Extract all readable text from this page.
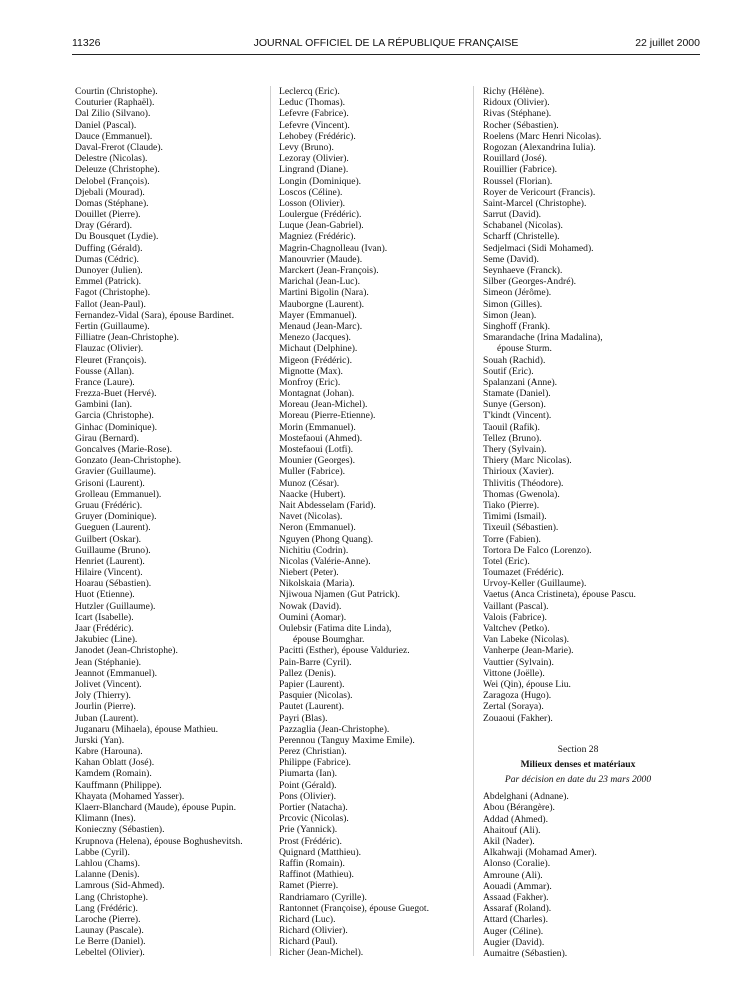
11326	JOURNAL OFFICIEL DE LA RÉPUBLIQUE FRANÇAISE	22 juillet 2000
Courtin (Christophe).
Couturier (Raphaël).
Dal Zilio (Silvano).
Daniel (Pascal).
Dauce (Emmanuel).
Daval-Frerot (Claude).
Delestre (Nicolas).
Deleuze (Christophe).
Delobel (François).
Djebali (Mourad).
Domas (Stéphane).
Douillet (Pierre).
Dray (Gérard).
Du Bousquet (Lydie).
Duffing (Gérald).
Dumas (Cédric).
Dunoyer (Julien).
Emmel (Patrick).
Fagot (Christophe).
Fallot (Jean-Paul).
Fernandez-Vidal (Sara), épouse Bardinet.
Fertin (Guillaume).
Filliatre (Jean-Christophe).
Flauzac (Olivier).
Fleuret (François).
Fousse (Allan).
France (Laure).
Frezza-Buet (Hervé).
Gambini (Ian).
Garcia (Christophe).
Ginhac (Dominique).
Girau (Bernard).
Goncalves (Marie-Rose).
Gonzato (Jean-Christophe).
Gravier (Guillaume).
Grisoni (Laurent).
Grolleau (Emmanuel).
Gruau (Frédéric).
Gruyer (Dominique).
Gueguen (Laurent).
Guilbert (Oskar).
Guillaume (Bruno).
Henriet (Laurent).
Hilaire (Vincent).
Hoarau (Sébastien).
Huot (Etienne).
Hutzler (Guillaume).
Icart (Isabelle).
Jaar (Frédéric).
Jakubiec (Line).
Janodet (Jean-Christophe).
Jean (Stéphanie).
Jeannot (Emmanuel).
Jolivet (Vincent).
Joly (Thierry).
Jourlin (Pierre).
Juban (Laurent).
Juganaru (Mihaela), épouse Mathieu.
Jurski (Yan).
Kabre (Harouna).
Kahan Oblatt (José).
Kamdem (Romain).
Kauffmann (Philippe).
Khayata (Mohamed Yasser).
Klaerr-Blanchard (Maude), épouse Pupin.
Klimann (Ines).
Konieczny (Sébastien).
Krupnova (Helena), épouse Boghushevitsh.
Labbe (Cyril).
Lahlou (Chams).
Lalanne (Denis).
Lamrous (Sid-Ahmed).
Lang (Christophe).
Lang (Frédéric).
Laroche (Pierre).
Launay (Pascale).
Le Berre (Daniel).
Lebeltel (Olivier).
Leclercq (Eric).
Leduc (Thomas).
Lefevre (Fabrice).
Lefevre (Vincent).
Lehobey (Frédéric).
Levy (Bruno).
Lezoray (Olivier).
Lingrand (Diane).
Longin (Dominique).
Loscos (Céline).
Losson (Olivier).
Loulergue (Frédéric).
Luque (Jean-Gabriel).
Magniez (Frédéric).
Magrin-Chagnolleau (Ivan).
Manouvrier (Maude).
Marckert (Jean-François).
Marichal (Jean-Luc).
Martini Bigolin (Nara).
Mauborgne (Laurent).
Mayer (Emmanuel).
Menaud (Jean-Marc).
Menezo (Jacques).
Michaut (Delphine).
Migeon (Frédéric).
Mignotte (Max).
Monfroy (Eric).
Montagnat (Johan).
Moreau (Jean-Michel).
Moreau (Pierre-Etienne).
Morin (Emmanuel).
Mostefaoui (Ahmed).
Mostefaoui (Lotfi).
Mounier (Georges).
Muller (Fabrice).
Munoz (César).
Naacke (Hubert).
Nait Abdesselam (Farid).
Navet (Nicolas).
Neron (Emmanuel).
Nguyen (Phong Quang).
Nichitiu (Codrin).
Nicolas (Valérie-Anne).
Niebert (Peter).
Nikolskaia (Maria).
Njiwoua Njamen (Gut Patrick).
Nowak (David).
Oumini (Aomar).
Oulebsir (Fatima dite Linda),
épouse Boumghar.
Pacitti (Esther), épouse Valduriez.
Pain-Barre (Cyril).
Pallez (Denis).
Papier (Laurent).
Pasquier (Nicolas).
Pautet (Laurent).
Payri (Blas).
Pazzaglia (Jean-Christophe).
Perennou (Tanguy Maxime Emile).
Perez (Christian).
Philippe (Fabrice).
Piumarta (Ian).
Point (Gérald).
Pons (Olivier).
Portier (Natacha).
Prcovic (Nicolas).
Prie (Yannick).
Prost (Frédéric).
Quignard (Matthieu).
Raffin (Romain).
Raffinot (Mathieu).
Ramet (Pierre).
Randriamaro (Cyrille).
Rantonnet (Françoise), épouse Guegot.
Richard (Luc).
Richard (Olivier).
Richard (Paul).
Richer (Jean-Michel).
Richy (Hélène).
Ridoux (Olivier).
Rivas (Stéphane).
Rocher (Sébastien).
Roelens (Marc Henri Nicolas).
Rogozan (Alexandrina Iulia).
Rouillard (José).
Rouillier (Fabrice).
Roussel (Florian).
Royer de Vericourt (Francis).
Saint-Marcel (Christophe).
Sarrut (David).
Schabanel (Nicolas).
Scharff (Christelle).
Sedjelmaci (Sidi Mohamed).
Seme (David).
Seynhaeve (Franck).
Silber (Georges-André).
Simeon (Jérôme).
Simon (Gilles).
Simon (Jean).
Singhoff (Frank).
Smarandache (Irina Madalina),
épouse Sturm.
Souah (Rachid).
Soutif (Eric).
Spalanzani (Anne).
Stamate (Daniel).
Sunye (Gerson).
T'kindt (Vincent).
Taouil (Rafik).
Tellez (Bruno).
Thery (Sylvain).
Thiery (Marc Nicolas).
Thirioux (Xavier).
Thlivitis (Théodore).
Thomas (Gwenola).
Tiako (Pierre).
Timimi (Ismail).
Tixeuil (Sébastien).
Torre (Fabien).
Tortora De Falco (Lorenzo).
Totel (Eric).
Toumazet (Frédéric).
Urvoy-Keller (Guillaume).
Vaetus (Anca Cristineta), épouse Pascu.
Vaillant (Pascal).
Valois (Fabrice).
Valtchev (Petko).
Van Labeke (Nicolas).
Vanherpe (Jean-Marie).
Vauttier (Sylvain).
Vittone (Joëlle).
Wei (Qin), épouse Liu.
Zaragoza (Hugo).
Zertal (Soraya).
Zouaoui (Fakher).
Section 28
Milieux denses et matériaux
Par décision en date du 23 mars 2000
Abdelghani (Adnane).
Abou (Bérangère).
Addad (Ahmed).
Ahaitouf (Ali).
Akil (Nader).
Alkahwaji (Mohamad Amer).
Alonso (Coralie).
Amroune (Ali).
Aouadi (Ammar).
Assaad (Fakher).
Assaraf (Roland).
Attard (Charles).
Auger (Céline).
Augier (David).
Aumaitre (Sébastien).
